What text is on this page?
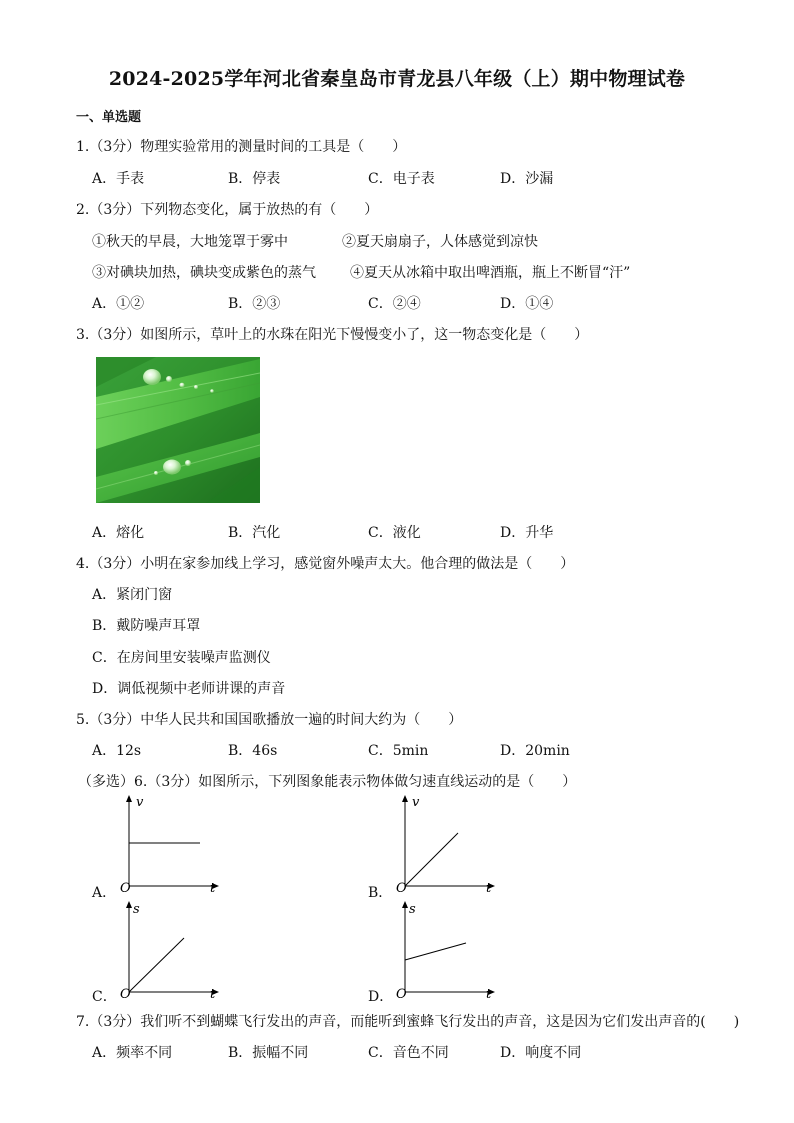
2024-2025学年河北省秦皇岛市青龙县八年级（上）期中物理试卷
一、单选题
1.（3分）物理实验常用的测量时间的工具是（　　）
A．手表	B．停表	C．电子表	D．沙漏
2.（3分）下列物态变化，属于放热的有（　　）
①秋天的早晨，大地笼罩于雾中	②夏天扇扇子，人体感觉到凉快
③对碘块加热，碘块变成紫色的蒸气 ④夏天从冰箱中取出啤酒瓶，瓶上不断冒“汗”
A．①②	B．②③	C．②④	D．①④
3.（3分）如图所示，草叶上的水珠在阳光下慢慢变小了，这一物态变化是（　　）
A．熔化	B．汽化	C．液化	D．升华
4.（3分）小明在家参加线上学习，感觉窗外噪声太大。他合理的做法是（　　）
A．紧闭门窗
B．戴防噪声耳罩
C．在房间里安装噪声监测仪
D．调低视频中老师讲课的声音
5.（3分）中华人民共和国国歌播放一遍的时间大约为（　　）
A．12s	B．46s	C．5min	D．20min
（多选）6.（3分）如图所示，下列图象能表示物体做匀速直线运动的是（　　）
A．	B．
C．	D．
v
t
O
v
t
O
s
t
O
s
t
O
7.（3分）我们听不到蝴蝶飞行发出的声音，而能听到蜜蜂飞行发出的声音，这是因为它们发出声音的(　　)
A．频率不同	B．振幅不同	C．音色不同	D．响度不同
